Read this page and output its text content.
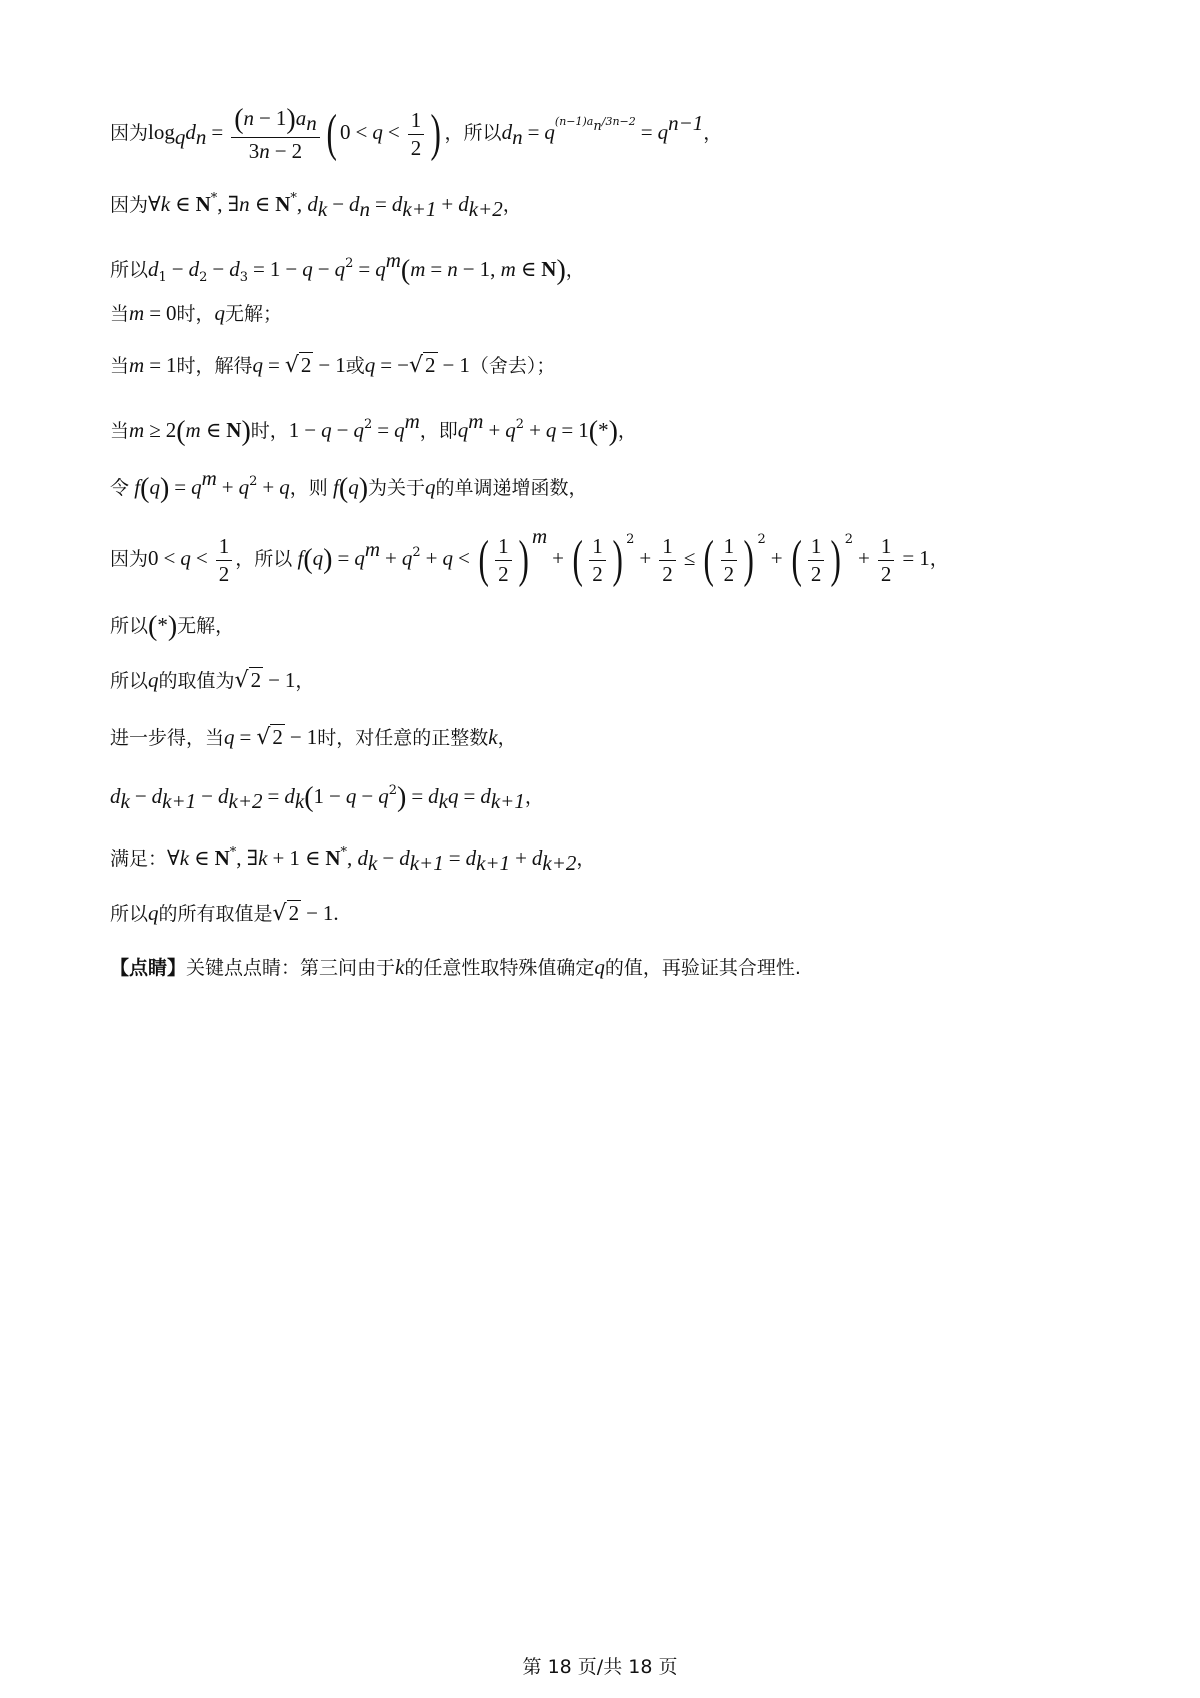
因为$\log_qd_n = \frac{(n - 1)a_n}{3n - 2}$ ( $0 < q < \frac{1}{2}$ ) ，所以$d_n = q^{(n-1)a_n/3n-2} = q^{n-1}$，
因为∀k ∈ N*, ∃n ∈ N*, $d_k - d_n = d_{k+1} + d_{k+2}$，
所以$d_1 - d_2 - d_3 = 1 - q - q^2 = q^m(m = n - 1$, m ∈ N)，
当m = 0时，q无解；
当m = 1时，解得q = √2 − 1或q = −√2 − 1（舍去）；
当m ≥ 2(m ∈ N)时，$1 - q - q^2 = q^m$，即$q^m + q^2 + q = 1(*)$，
令 $f(q) = q^m + q^2 + q$，则 f(q)为关于q的单调递增函数，
因为$0 < q < \frac{1}{2}$ ，所以 $f(q) = q^m + q^2 + q$ < ( $\frac{1}{2}$ ) $^m$+ ( $\frac{1}{2}$ ) $^2+ \frac{1}{2}$ ≤ ( $\frac{1}{2}$ ) $^2$+ ( $\frac{1}{2}$ ) $^2+ \frac{1}{2} = 1$，
所以(*)无解，
所以q的取值为√2 − 1，
进一步得，当q = √2 − 1时，对任意的正整数k，
$d_k - d_{k+1} - d_{k+2} = d_k(1 - q - q^2) = d_kq = d_{k+1}$，
满足：∀k ∈ N*, ∃k + 1 ∈ N*, $d_k - d_{k+1} = d_{k+1} + d_{k+2}$，
所以q的所有取值是√2 − 1.
【点睛】关键点点睛：第三问由于k的任意性取特殊值确定q的值，再验证其合理性.
第 18 页/共 18 页
